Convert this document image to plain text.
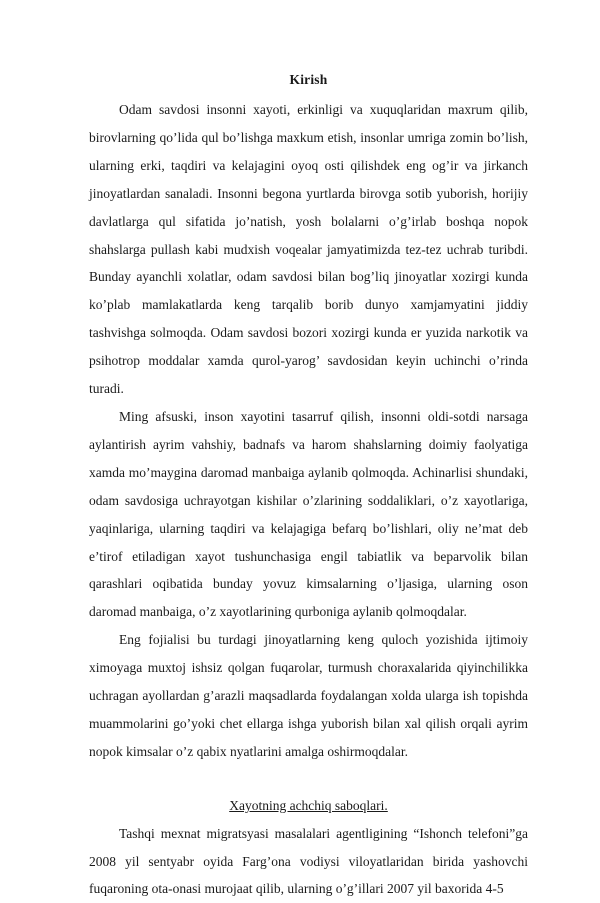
Kirish

Odam savdosi insonni xayoti, erkinligi va xuquqlaridan maxrum qilib, birovlarning qo’lida qul bo’lishga maxkum etish, insonlar umriga zomin bo’lish, ularning erki, taqdiri va kelajagini oyoq osti qilishdek eng og’ir va jirkanch jinoyatlardan sanaladi. Insonni begona yurtlarda birovga sotib yuborish, horijiy davlatlarga qul sifatida jo’natish, yosh bolalarni o’g’irlab boshqa nopok shahslarga pullash kabi mudxish voqealar jamyatimizda tez-tez uchrab turibdi. Bunday ayanchli xolatlar, odam savdosi bilan bog’liq jinoyatlar xozirgi kunda ko’plab mamlakatlarda keng tarqalib borib dunyo xamjamyatini jiddiy tashvishga solmoqda. Odam savdosi bozori xozirgi kunda er yuzida narkotik va psihotrop moddalar xamda qurol-yarog’ savdosidan keyin uchinchi o’rinda turadi.

Ming afsuski, inson xayotini tasarruf qilish, insonni oldi-sotdi narsaga aylantirish ayrim vahshiy, badnafs va harom shahslarning doimiy faolyatiga xamda mo’maygina daromad manbaiga aylanib qolmoqda. Achinarlisi shundaki, odam savdosiga uchrayotgan kishilar o’zlarining soddaliklari, o’z xayotlariga, yaqinlariga, ularning taqdiri va kelajagiga befarq bo’lishlari, oliy ne’mat deb e’tirof etiladigan xayot tushunchasiga engil tabiatlik va beparvolik bilan qarashlari oqibatida bunday yovuz kimsalarning o’ljasiga, ularning oson daromad manbaiga, o’z xayotlarining qurboniga aylanib qolmoqdalar.

Eng fojialisi bu turdagi jinoyatlarning keng quloch yozishida ijtimoiy ximoyaga muxtoj ishsiz qolgan fuqarolar, turmush choraxalarida qiyinchilikka uchragan ayollardan g’arazli maqsadlarda foydalangan xolda ularga ish topishda muammolarini go’yoki chet ellarga ishga yuborish bilan xal qilish orqali ayrim nopok kimsalar o’z qabix nyatlarini amalga oshirmoqdalar.

Xayotning achchiq saboqlari.

Tashqi mexnat migratsyasi masalalari agentligining “Ishonch telefoni”ga 2008 yil sentyabr oyida Farg’ona vodiysi viloyatlaridan birida yashovchi fuqaroning ota-onasi murojaat qilib, ularning o’g’illari 2007 yil baxorida 4-5
